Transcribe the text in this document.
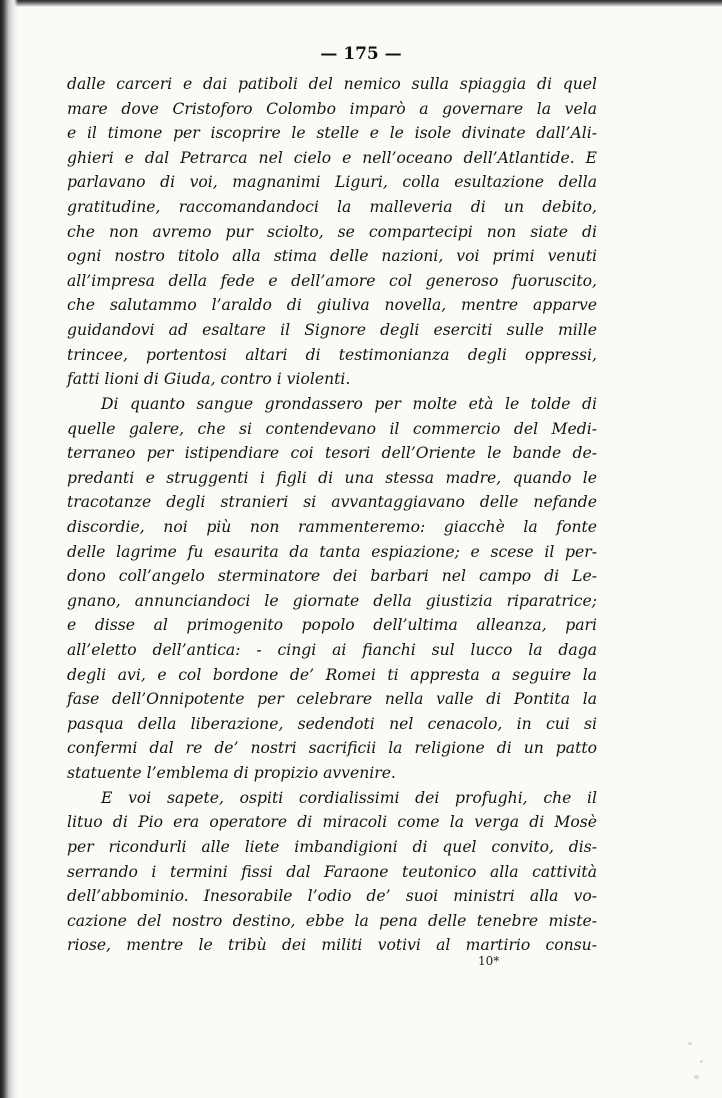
— 175 —
dalle carceri e dai patiboli del nemico sulla spiaggia di quel
mare dove Cristoforo Colombo imparò a governare la vela
e il timone per iscoprire le stelle e le isole divinate dall’Ali-
ghieri e dal Petrarca nel cielo e nell’oceano dell’Atlantide. E
parlavano di voi, magnanimi Liguri, colla esultazione della
gratitudine, raccomandandoci la malleveria di un debito,
che non avremo pur sciolto, se compartecipi non siate di
ogni nostro titolo alla stima delle nazioni, voi primi venuti
all’impresa della fede e dell’amore col generoso fuoruscito,
che salutammo l’araldo di giuliva novella, mentre apparve
guidandovi ad esaltare il Signore degli eserciti sulle mille
trincee, portentosi altari di testimonianza degli oppressi,
fatti lioni di Giuda, contro i violenti.
Di quanto sangue grondassero per molte età le tolde di
quelle galere, che si contendevano il commercio del Medi-
terraneo per istipendiare coi tesori dell’Oriente le bande de-
predanti e struggenti i figli di una stessa madre, quando le
tracotanze degli stranieri si avvantaggiavano delle nefande
discordie, noi più non rammenteremo: giacchè la fonte
delle lagrime fu esaurita da tanta espiazione; e scese il per-
dono coll’angelo sterminatore dei barbari nel campo di Le-
gnano, annunciandoci le giornate della giustizia riparatrice;
e disse al primogenito popolo dell’ultima alleanza, pari
all’eletto dell’antica: - cingi ai fianchi sul lucco la daga
degli avi, e col bordone de’ Romei ti appresta a seguire la
fase dell’Onnipotente per celebrare nella valle di Pontita la
pasqua della liberazione, sedendoti nel cenacolo, in cui si
confermi dal re de’ nostri sacrificii la religione di un patto
statuente l’emblema di propizio avvenire.
E voi sapete, ospiti cordialissimi dei profughi, che il
lituo di Pio era operatore di miracoli come la verga di Mosè
per ricondurli alle liete imbandigioni di quel convito, dis-
serrando i termini fissi dal Faraone teutonico alla cattività
dell’abbominio. Inesorabile l’odio de’ suoi ministri alla vo-
cazione del nostro destino, ebbe la pena delle tenebre miste-
riose, mentre le tribù dei militi votivi al martirio consu-
10*
